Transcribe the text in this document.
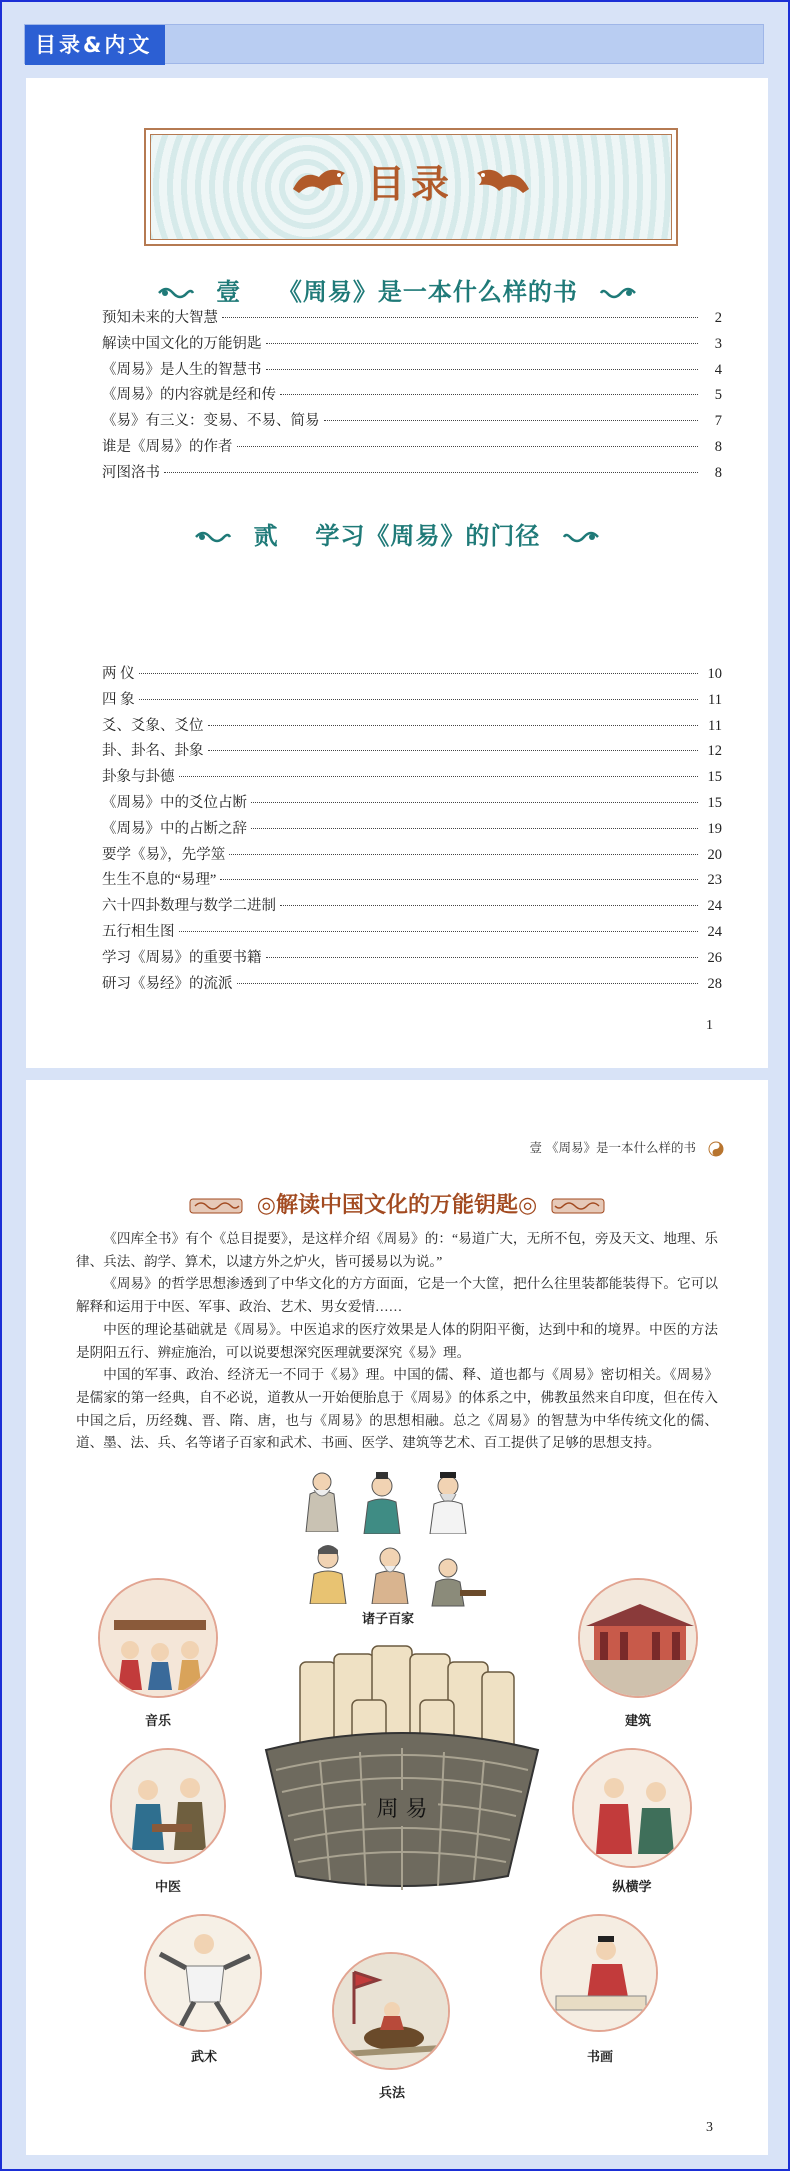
目录&内文
目录
壹 《周易》是一本什么样的书
预知未来的大智慧	2
解读中国文化的万能钥匙	3
《周易》是人生的智慧书	4
《周易》的内容就是经和传	5
《易》有三义：变易、不易、简易	7
谁是《周易》的作者	8
河图洛书	8
贰 学习《周易》的门径
两 仪	10
四 象	11
爻、爻象、爻位	11
卦、卦名、卦象	12
卦象与卦德	15
《周易》中的爻位占断	15
《周易》中的占断之辞	19
要学《易》，先学筮	20
生生不息的“易理”	23
六十四卦数理与数学二进制	24
五行相生图	24
学习《周易》的重要书籍	26
研习《易经》的流派	28
1
壹 《周易》是一本什么样的书
◎解读中国文化的万能钥匙◎

《四库全书》有个《总目提要》，是这样介绍《周易》的：“易道广大，无所不包，旁及天文、地理、乐律、兵法、韵学、算术，以逮方外之炉火，皆可援易以为说。”

《周易》的哲学思想渗透到了中华文化的方方面面，它是一个大筐，把什么往里装都能装得下。它可以解释和运用于中医、军事、政治、艺术、男女爱情……

中医的理论基础就是《周易》。中医追求的医疗效果是人体的阴阳平衡，达到中和的境界。中医的方法是阴阳五行、辨症施治，可以说要想深究医理就要深究《易》理。

中国的军事、政治、经济无一不同于《易》理。中国的儒、释、道也都与《周易》密切相关。《周易》是儒家的第一经典，自不必说，道教从一开始便胎息于《周易》的体系之中，佛教虽然来自印度，但在传入中国之后，历经魏、晋、隋、唐，也与《周易》的思想相融。总之《周易》的智慧为中华传统文化的儒、道、墨、法、兵、名等诸子百家和武术、书画、医学、建筑等艺术、百工提供了足够的思想支持。

诸子百家
音乐	建筑
中医	纵横学
周 易
武术
兵法
书画
3
